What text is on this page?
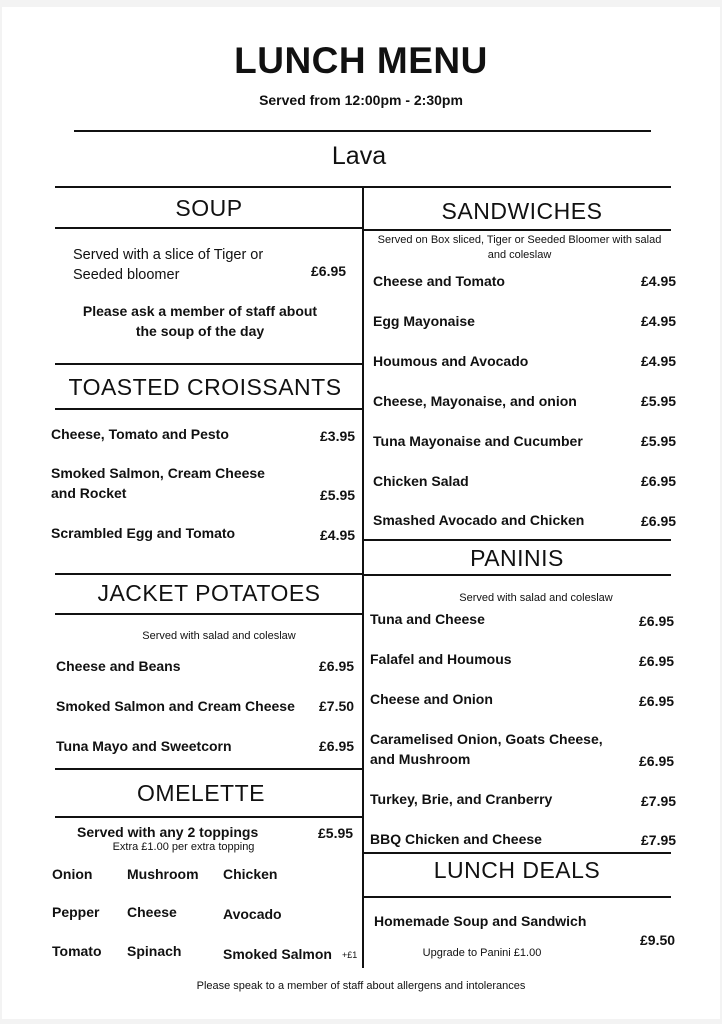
LUNCH MENU
Served from 12:00pm - 2:30pm
Lava
SOUP
Served with a slice of Tiger or
Seeded bloomer	£6.95
Please ask a member of staff about
the soup of the day
TOASTED CROISSANTS
Cheese, Tomato and Pesto	£3.95
Smoked Salmon, Cream Cheese
and Rocket	£5.95
Scrambled Egg and Tomato	£4.95
JACKET POTATOES
Served with salad and coleslaw
Cheese and Beans	£6.95
Smoked Salmon and Cream Cheese £7.50
Tuna Mayo and Sweetcorn	£6.95
OMELETTE
Served with any 2 toppings	£5.95
Extra £1.00 per extra topping
Onion Mushroom Chicken
Pepper Cheese	Avocado
Tomato Spinach	Smoked Salmon +£1
SANDWICHES
Served on Box sliced, Tiger or Seeded Bloomer with salad
and coleslaw
Cheese and Tomato	£4.95
Egg Mayonaise	£4.95
Houmous and Avocado	£4.95
Cheese, Mayonaise, and onion	£5.95
Tuna Mayonaise and Cucumber	£5.95
Chicken Salad	£6.95
Smashed Avocado and Chicken	£6.95
PANINIS
Served with salad and coleslaw
Tuna and Cheese	£6.95
Falafel and Houmous	£6.95
Cheese and Onion	£6.95
Caramelised Onion, Goats Cheese,
and Mushroom	£6.95
Turkey, Brie, and Cranberry	£7.95
BBQ Chicken and Cheese	£7.95
LUNCH DEALS
Homemade Soup and Sandwich
Upgrade to Panini £1.00
£9.50
Please speak to a member of staff about allergens and intolerances
